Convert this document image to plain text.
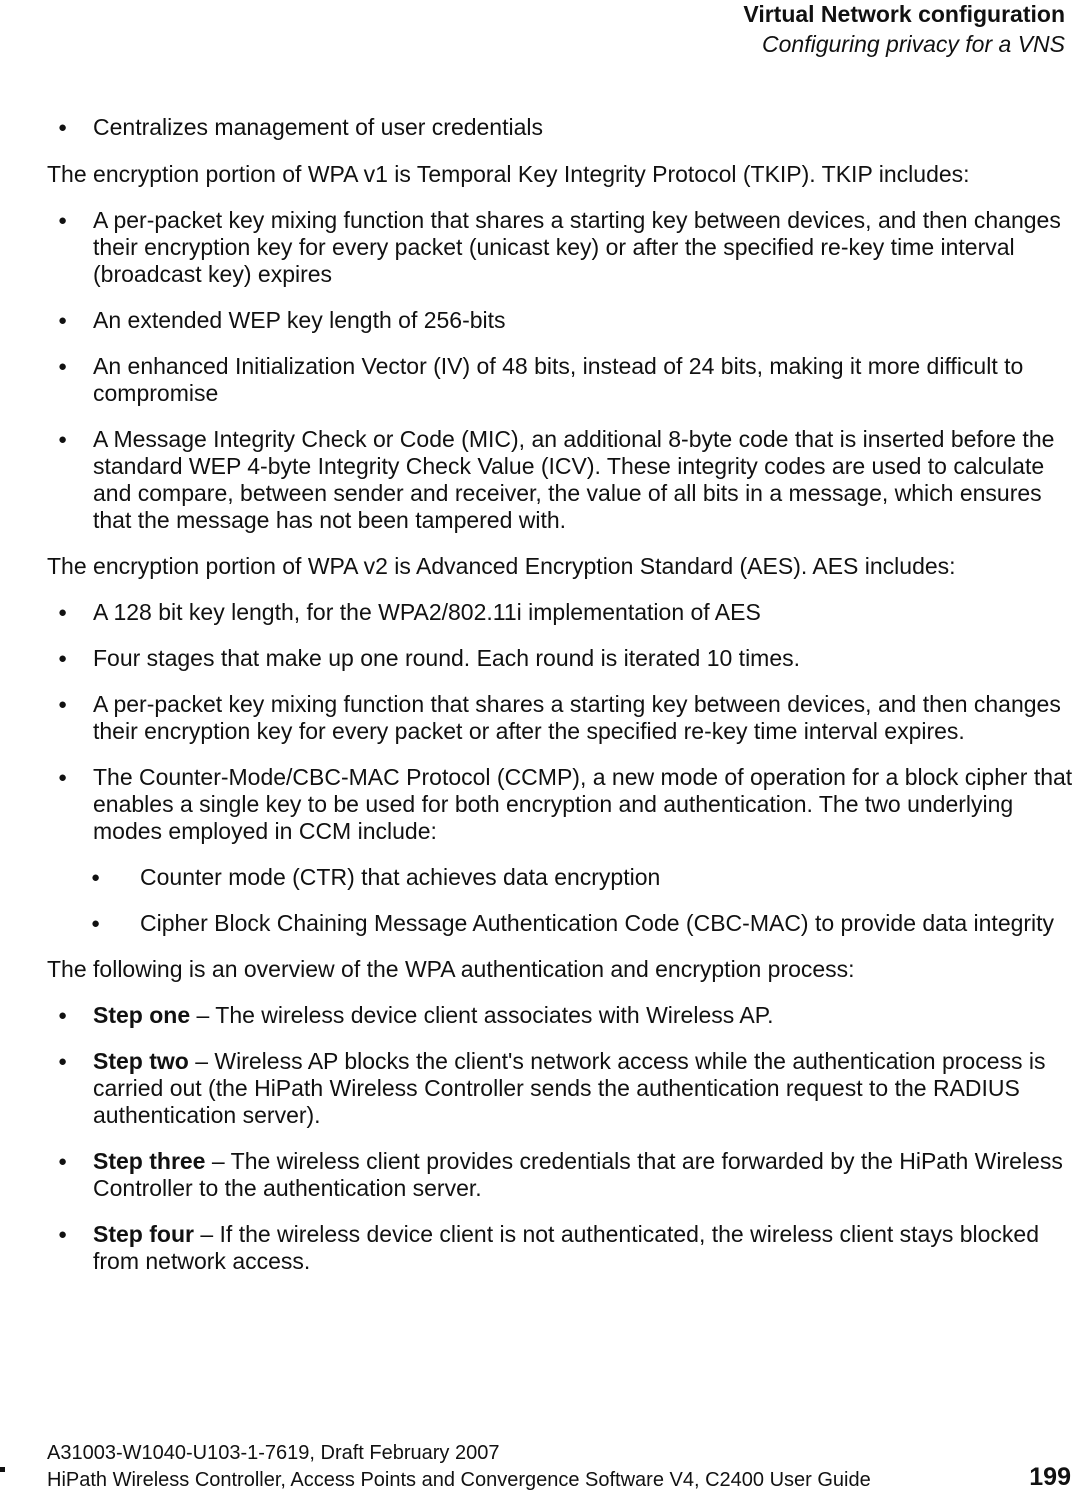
Virtual Network configuration
Configuring privacy for a VNS
● Centralizes management of user credentials
The encryption portion of WPA v1 is Temporal Key Integrity Protocol (TKIP). TKIP includes:
● A per-packet key mixing function that shares a starting key between devices, and then changes their encryption key for every packet (unicast key) or after the specified re-key time interval (broadcast key) expires
● An extended WEP key length of 256-bits
● An enhanced Initialization Vector (IV) of 48 bits, instead of 24 bits, making it more difficult to compromise
● A Message Integrity Check or Code (MIC), an additional 8-byte code that is inserted before the standard WEP 4-byte Integrity Check Value (ICV). These integrity codes are used to calculate and compare, between sender and receiver, the value of all bits in a message, which ensures that the message has not been tampered with.
The encryption portion of WPA v2 is Advanced Encryption Standard (AES). AES includes:
● A 128 bit key length, for the WPA2/802.11i implementation of AES
● Four stages that make up one round. Each round is iterated 10 times.
● A per-packet key mixing function that shares a starting key between devices, and then changes their encryption key for every packet or after the specified re-key time interval expires.
● The Counter-Mode/CBC-MAC Protocol (CCMP), a new mode of operation for a block cipher that enables a single key to be used for both encryption and authentication. The two underlying modes employed in CCM include:
● Counter mode (CTR) that achieves data encryption
● Cipher Block Chaining Message Authentication Code (CBC-MAC) to provide data integrity
The following is an overview of the WPA authentication and encryption process:
● Step one – The wireless device client associates with Wireless AP.
● Step two – Wireless AP blocks the client's network access while the authentication process is carried out (the HiPath Wireless Controller sends the authentication request to the RADIUS authentication server).
● Step three – The wireless client provides credentials that are forwarded by the HiPath Wireless Controller to the authentication server.
● Step four – If the wireless device client is not authenticated, the wireless client stays blocked from network access.
A31003-W1040-U103-1-7619, Draft February 2007
HiPath Wireless Controller, Access Points and Convergence Software V4, C2400 User Guide	199
